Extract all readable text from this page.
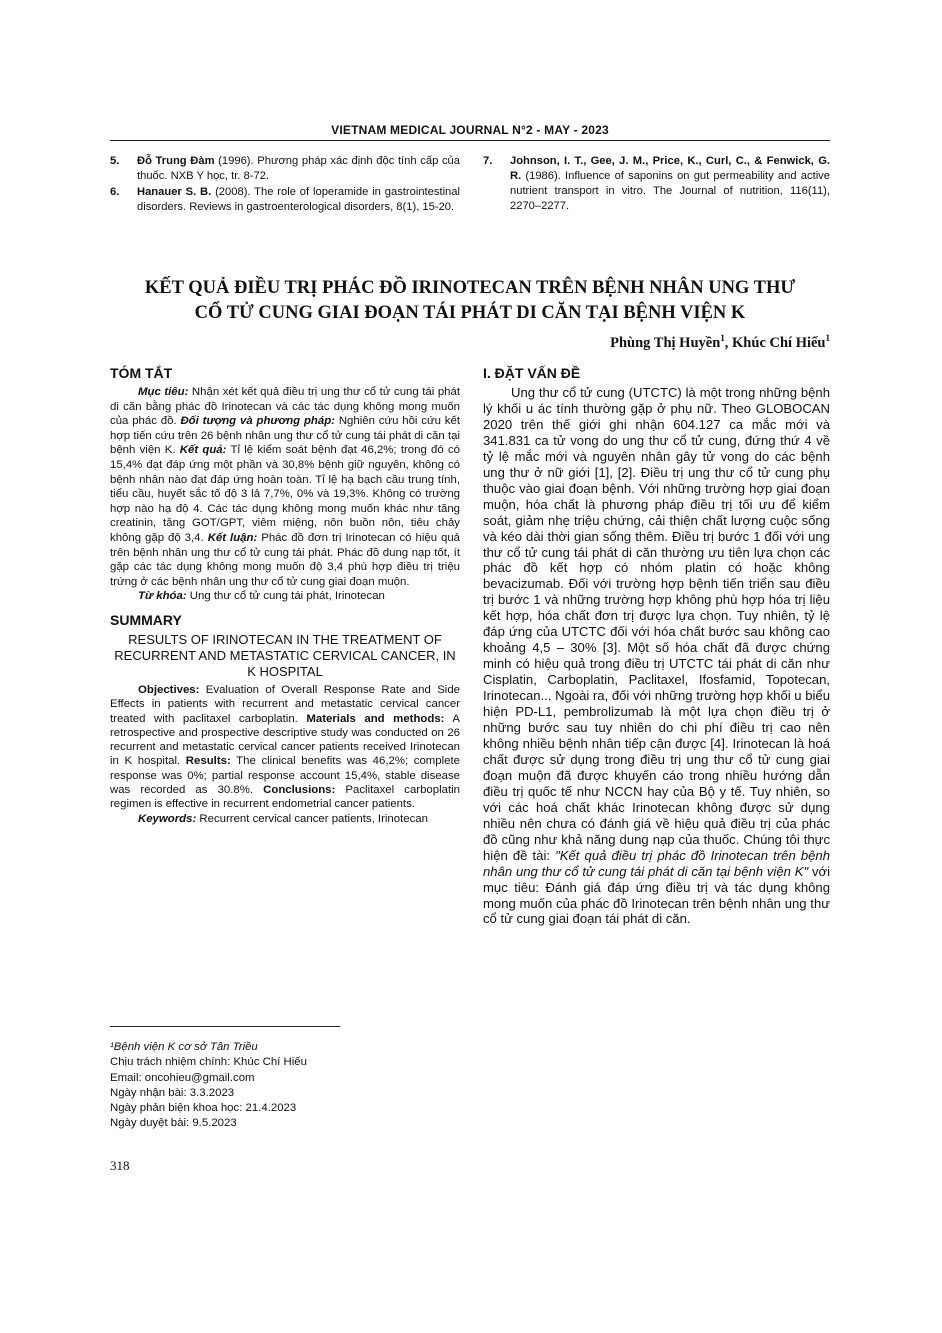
VIETNAM MEDICAL JOURNAL N°2 - MAY - 2023
5.	Đỗ Trung Đàm (1996). Phương pháp xác định độc tính cấp của thuốc. NXB Y học, tr. 8-72.
6.	Hanauer S. B. (2008). The role of loperamide in gastrointestinal disorders. Reviews in gastroenterological disorders, 8(1), 15-20.
7.	Johnson, I. T., Gee, J. M., Price, K., Curl, C., & Fenwick, G. R. (1986). Influence of saponins on gut permeability and active nutrient transport in vitro. The Journal of nutrition, 116(11), 2270–2277.
KẾT QUẢ ĐIỀU TRỊ PHÁC ĐỒ IRINOTECAN TRÊN BỆNH NHÂN UNG THƯ
CỔ TỬ CUNG GIAI ĐOẠN TÁI PHÁT DI CĂN TẠI BỆNH VIỆN K
Phùng Thị Huyền$^1$, Khúc Chí Hiếu$^1$
TÓM TẮT

Mục tiêu: Nhận xét kết quả điều trị ung thư cổ tử cung tái phát di căn bằng phác đồ Irinotecan và các tác dụng không mong muốn của phác đồ. Đối tượng và phương pháp: Nghiên cứu hồi cứu kết hợp tiến cứu trên 26 bệnh nhân ung thư cổ tử cung tái phát di căn tại bệnh viện K. Kết quả: Tỉ lệ kiểm soát bệnh đạt 46,2%; trong đó có 15,4% đạt đáp ứng một phần và 30,8% bệnh giữ nguyên, không có bệnh nhân nào đạt đáp ứng hoàn toàn. Tỉ lệ hạ bạch cầu trung tính, tiểu cầu, huyết sắc tố độ 3 lả 7,7%, 0% và 19,3%. Không có trường hợp nào hạ độ 4. Các tác dụng không mong muốn khác như tăng creatinin, tăng GOT/GPT, viêm miệng, nôn buồn nôn, tiêu chảy không gặp độ 3,4. Kết luận: Phác đồ đơn trị Irinotecan có hiệu quả trên bệnh nhân ung thư cổ tử cung tái phát. Phác đồ dung nạp tốt, ít gặp các tác dụng không mong muốn độ 3,4 phù hợp điều trị triệu trứng ở các bệnh nhân ung thư cổ tử cung giai đoạn muộn.

Từ khóa: Ung thư cổ tử cung tái phát, Irinotecan

SUMMARY
RESULTS OF IRINOTECAN IN THE TREATMENT OF RECURRENT AND METASTATIC CERVICAL CANCER, IN K HOSPITAL

Objectives: Evaluation of Overall Response Rate and Side Effects in patients with recurrent and metastatic cervical cancer treated with paclitaxel carboplatin. Materials and methods: A retrospective and prospective descriptive study was conducted on 26 recurrent and metastatic cervical cancer patients received Irinotecan in K hospital. Results: The clinical benefits was 46,2%; complete response was 0%; partial response account 15,4%, stable disease was recorded as 30.8%. Conclusions: Paclitaxel carboplatin regimen is effective in recurrent endometrial cancer patients.

Keywords: Recurrent cervical cancer patients, Irinotecan

¹Bệnh viện K cơ sở Tân Triều
Chịu trách nhiệm chính: Khúc Chí Hiếu
Email: oncohieu@gmail.com
Ngày nhận bài: 3.3.2023
Ngày phản biện khoa học: 21.4.2023
Ngày duyệt bài: 9.5.2023
318
I. ĐẶT VẤN ĐỀ

Ung thư cổ tử cung (UTCTC) là một trong những bệnh lý khối u ác tính thường gặp ở phụ nữ. Theo GLOBOCAN 2020 trên thế giới ghi nhận 604.127 ca mắc mới và 341.831 ca tử vong do ung thư cổ tử cung, đứng thứ 4 về tỷ lệ mắc mới và nguyên nhân gây tử vong do các bệnh ung thư ở nữ giới [1], [2]. Điều trị ung thư cổ tử cung phụ thuộc vào giai đoạn bệnh. Với những trường hợp giai đoạn muộn, hóa chất là phương pháp điều trị tối ưu để kiểm soát, giảm nhẹ triệu chứng, cải thiện chất lượng cuộc sống và kéo dài thời gian sống thêm. Điều trị bước 1 đối với ung thư cổ tử cung tái phát di căn thường ưu tiên lựa chọn các phác đồ kết hợp có nhóm platin có hoặc không bevacizumab. Đối với trường hợp bệnh tiến triển sau điều trị bước 1 và những trường hợp không phù hợp hóa trị liệu kết hợp, hóa chất đơn trị được lựa chọn. Tuy nhiên, tỷ lệ đáp ứng của UTCTC đối với hóa chất bước sau không cao khoảng 4,5 – 30% [3]. Một số hóa chất đã được chứng minh có hiệu quả trong điều trị UTCTC tái phát di căn như Cisplatin, Carboplatin, Paclitaxel, Ifosfamid, Topotecan, Irinotecan... Ngoài ra, đối với những trường hợp khối u biểu hiện PD-L1, pembrolizumab là một lựa chọn điều trị ở những bước sau tuy nhiên do chi phí điều trị cao nên không nhiều bệnh nhân tiếp cận được [4]. Irinotecan là hoá chất được sử dụng trong điều trị ung thư cổ tử cung giai đoạn muộn đã được khuyến cáo trong nhiều hướng dẫn điều trị quốc tế như NCCN hay của Bộ y tế. Tuy nhiên, so với các hoá chất khác Irinotecan không được sử dụng nhiều nên chưa có đánh giá về hiệu quả điều trị của phác đồ cũng như khả năng dung nạp của thuốc. Chúng tôi thực hiện đề tài: "Kết quả điều trị phác đồ Irinotecan trên bệnh nhân ung thư cổ tử cung tái phát di căn tại bệnh viện K" với mục tiêu: Đánh giá đáp ứng điều trị và tác dụng không mong muốn của phác đồ Irinotecan trên bệnh nhân ung thư cổ tử cung giai đoạn tái phát di căn.
